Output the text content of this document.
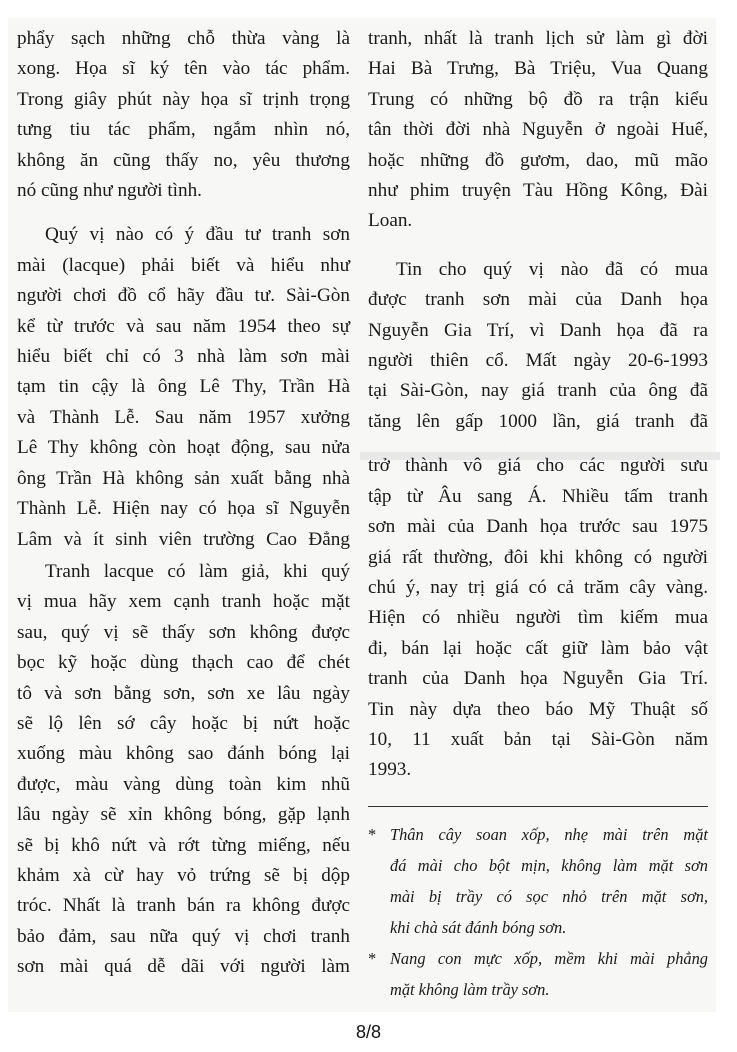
phẩy sạch những chỗ thừa vàng là
xong. Họa sĩ ký tên vào tác phẩm.
Trong giây phút này họa sĩ trịnh trọng
tưng tiu tác phẩm, ngắm nhìn nó,
không ăn cũng thấy no, yêu thương
nó cũng như người tình.

Quý vị nào có ý đầu tư tranh sơn
mài (lacque) phải biết và hiểu như
người chơi đồ cổ hãy đầu tư. Sài-Gòn
kể từ trước và sau năm 1954 theo sự
hiểu biết chỉ có 3 nhà làm sơn mài
tạm tin cậy là ông Lê Thy, Trần Hà
và Thành Lễ. Sau năm 1957 xưởng
Lê Thy không còn hoạt động, sau nửa
ông Trần Hà không sản xuất bằng nhà
Thành Lễ. Hiện nay có họa sĩ Nguyễn
Lâm và ít sinh viên trường Cao Đẳng

Tranh lacque có làm giả, khi quý
vị mua hãy xem cạnh tranh hoặc mặt
sau, quý vị sẽ thấy sơn không được
bọc kỹ hoặc dùng thạch cao để chét
tô và sơn bằng sơn, sơn xe lâu ngày
sẽ lộ lên sớ cây hoặc bị nứt hoặc
xuống màu không sao đánh bóng lại
được, màu vàng dùng toàn kim nhũ
lâu ngày sẽ xỉn không bóng, gặp lạnh
sẽ bị khô nứt và rớt từng miếng, nếu
khảm xà cừ hay vỏ trứng sẽ bị dộp
tróc. Nhất là tranh bán ra không được
bảo đảm, sau nữa quý vị chơi tranh
sơn mài quá dễ dãi với người làm

tranh, nhất là tranh lịch sử làm gì đời
Hai Bà Trưng, Bà Triệu, Vua Quang
Trung có những bộ đồ ra trận kiểu
tân thời đời nhà Nguyễn ở ngoài Huế,
hoặc những đồ gươm, dao, mũ mão
như phim truyện Tàu Hồng Kông, Đài
Loan.

Tin cho quý vị nào đã có mua
được tranh sơn mài của Danh họa
Nguyễn Gia Trí, vì Danh họa đã ra
người thiên cổ. Mất ngày 20-6-1993
tại Sài-Gòn, nay giá tranh của ông đã
tăng lên gấp 1000 lần, giá tranh đã

trở thành vô giá cho các người sưu
tập từ Âu sang Á. Nhiều tấm tranh
sơn mài của Danh họa trước sau 1975
giá rất thường, đôi khi không có người
chú ý, nay trị giá có cả trăm cây vàng.
Hiện có nhiều người tìm kiếm mua
đi, bán lại hoặc cất giữ làm bảo vật
tranh của Danh họa Nguyễn Gia Trí.
Tin này dựa theo báo Mỹ Thuật số
10, 11 xuất bản tại Sài-Gòn năm
1993.

* Thân cây soan xốp, nhẹ mài trên mặt
đá mài cho bột mịn, không làm mặt sơn
mài bị trầy có sọc nhỏ trên mặt sơn,
khi chà sát đánh bóng sơn.
* Nang con mực xốp, mềm khi mài phẳng
mặt không làm trầy sơn.
8/8
